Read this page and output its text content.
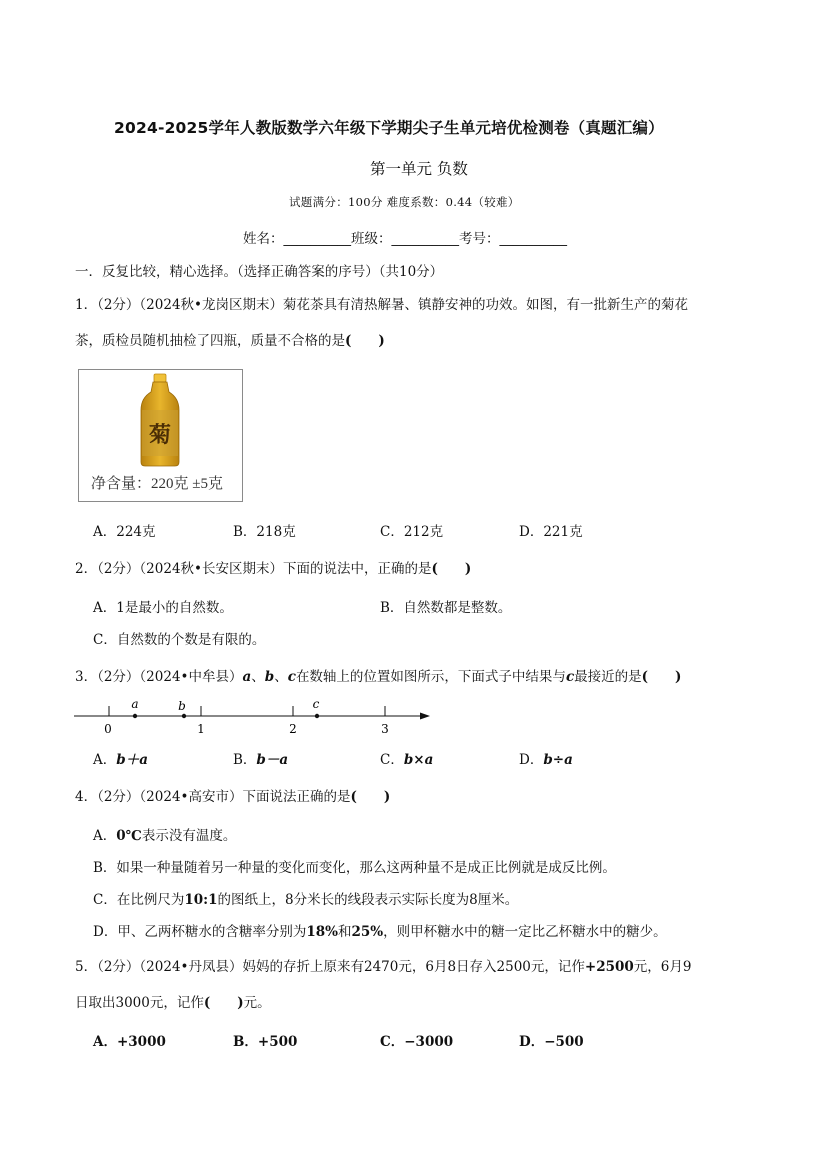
2024-2025学年人教版数学六年级下学期尖子生单元培优检测卷（真题汇编）
第一单元 负数
试题满分：100分 难度系数：0.44（较难）
姓名：__________班级：__________考号：__________
一．反复比较，精心选择。（选择正确答案的序号）（共10分）
1．（2分）（2024秋•龙岗区期末）菊花茶具有清热解暑、镇静安神的功效。如图，有一批新生产的菊花
茶，质检员随机抽检了四瓶，质量不合格的是(　　)
菊
净含量：220克 ±5克
A．224克	B．218克	C．212克	D．221克
2．（2分）（2024秋•长安区期末）下面的说法中，正确的是(　　)
A．1是最小的自然数。	B．自然数都是整数。
C．自然数的个数是有限的。
3．（2分）（2024•中牟县）a、b、c在数轴上的位置如图所示，下面式子中结果与c最接近的是(　　)
0	1	2	3
a	b	c
A．b＋a	B．b－a	C．b×a	D．b÷a
4．（2分）（2024•高安市）下面说法正确的是(　　)
A．0℃表示没有温度。
B．如果一种量随着另一种量的变化而变化，那么这两种量不是成正比例就是成反比例。
C．在比例尺为10:1的图纸上，8分米长的线段表示实际长度为8厘米。
D．甲、乙两杯糖水的含糖率分别为18%和25%，则甲杯糖水中的糖一定比乙杯糖水中的糖少。
5．（2分）（2024•丹凤县）妈妈的存折上原来有2470元，6月8日存入2500元，记作+2500元，6月9
日取出3000元，记作(　　)元。
A．+3000	B．+500	C．−3000	D．−500
